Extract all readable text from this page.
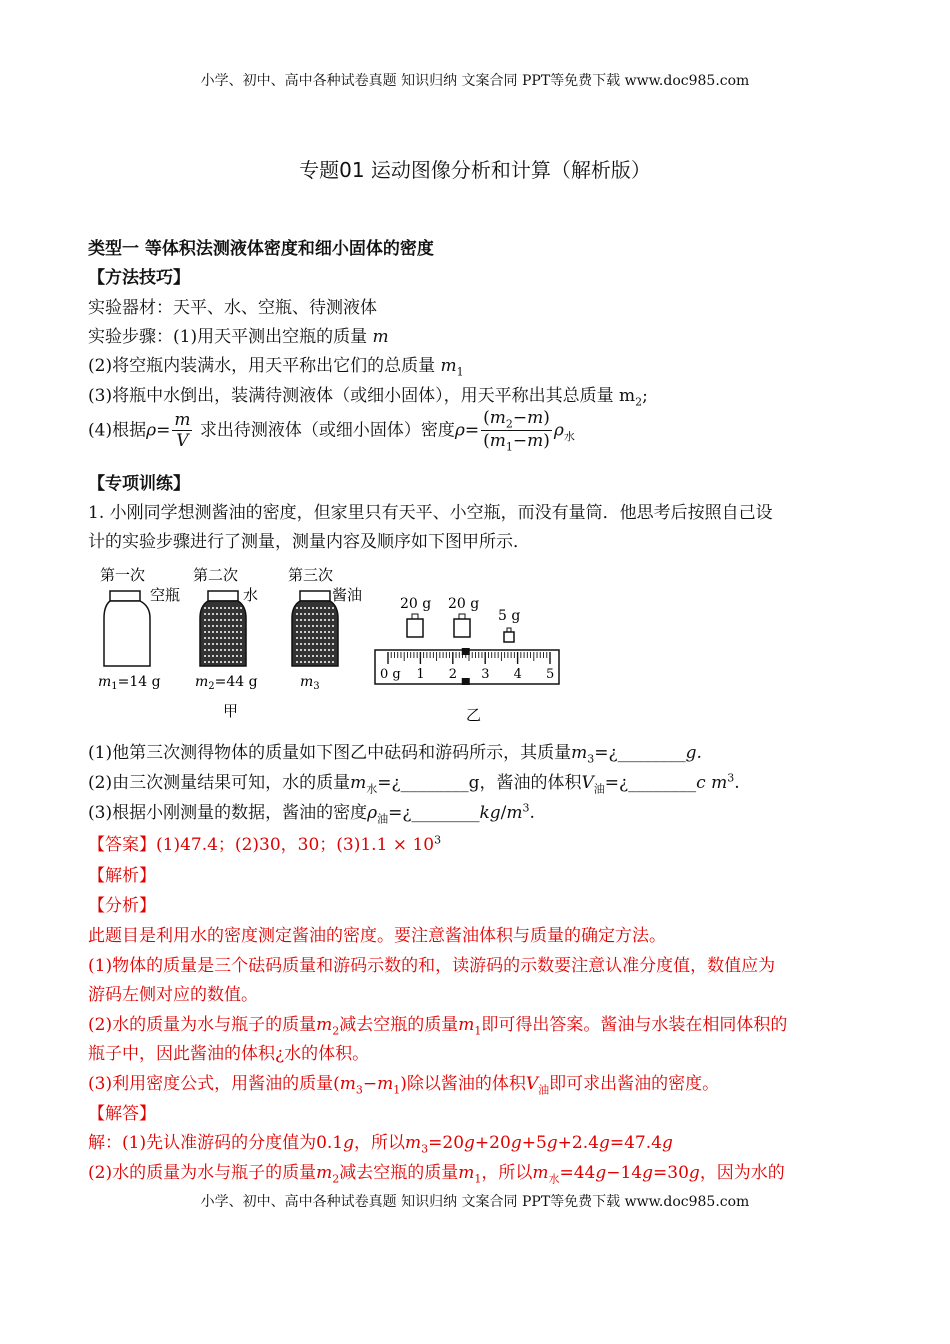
小学、初中、高中各种试卷真题 知识归纳 文案合同 PPT等免费下载 www.doc985.com
专题01 运动图像分析和计算（解析版）
类型一 等体积法测液体密度和细小固体的密度
【方法技巧】
实验器材：天平、水、空瓶、待测液体
实验步骤：(1)用天平测出空瓶的质量 m
(2)将空瓶内装满水，用天平称出它们的总质量 $m_1$
(3)将瓶中水倒出，装满待测液体（或细小固体），用天平称出其总质量 $m_2$;
(4)根据$\rho= \frac{m}{V}$ 求出待测液体（或细小固体）密度$\rho= \frac{(m_2-m)}{(m_1-m)} \rho_水$
【专项训练】
1. 小刚同学想测酱油的密度，但家里只有天平、小空瓶，而没有量筒．他思考后按照自己设
计的实验步骤进行了测量，测量内容及顺序如下图甲所示．
第一次	第二次	第三次
空瓶	水	酱油
$m_1=14$ g $m_2=44$ g	$m_3$
甲
20 g 20 g
5 g
0 g 1 2 3 4 5
乙
(1)他第三次测得物体的质量如下图乙中砝码和游码所示，其质量$m_3=¿\_\_\_\_\_\_\_\_g$.
(2)由三次测量结果可知，水的质量$m_水=¿\_\_\_\_\_\_\_\_g$，酱油的体积$V_油=¿\_\_\_\_\_\_\_\_c$ $m^3$.
(3)根据小刚测量的数据，酱油的密度$\rho_油=¿\_\_\_\_\_\_\_\_kg/m^3$.
【答案】(1)47.4；(2)30，30；$(3)1.1 \times 10^3$
【解析】
【分析】
此题目是利用水的密度测定酱油的密度。要注意酱油体积与质量的确定方法。
(1)物体的质量是三个砝码质量和游码示数的和，读游码的示数要注意认准分度值，数值应为
游码左侧对应的数值。
(2)水的质量为水与瓶子的质量$m_2$减去空瓶的质量$m_1$即可得出答案。酱油与水装在相同体积的
瓶子中，因此酱油的体积¿水的体积。
(3)利用密度公式，用酱油的质量$(m_3-m_1)$除以酱油的体积$V_油$即可求出酱油的密度。
【解答】
解：(1)先认准游码的分度值为0.1g，所以$m_3=20g+20g+5g+2.4g=47.4g$
(2)水的质量为水与瓶子的质量$m_2$减去空瓶的质量$m_1$，所以$m_水=44g-14g=30g$，因为水的
小学、初中、高中各种试卷真题 知识归纳 文案合同 PPT等免费下载 www.doc985.com
